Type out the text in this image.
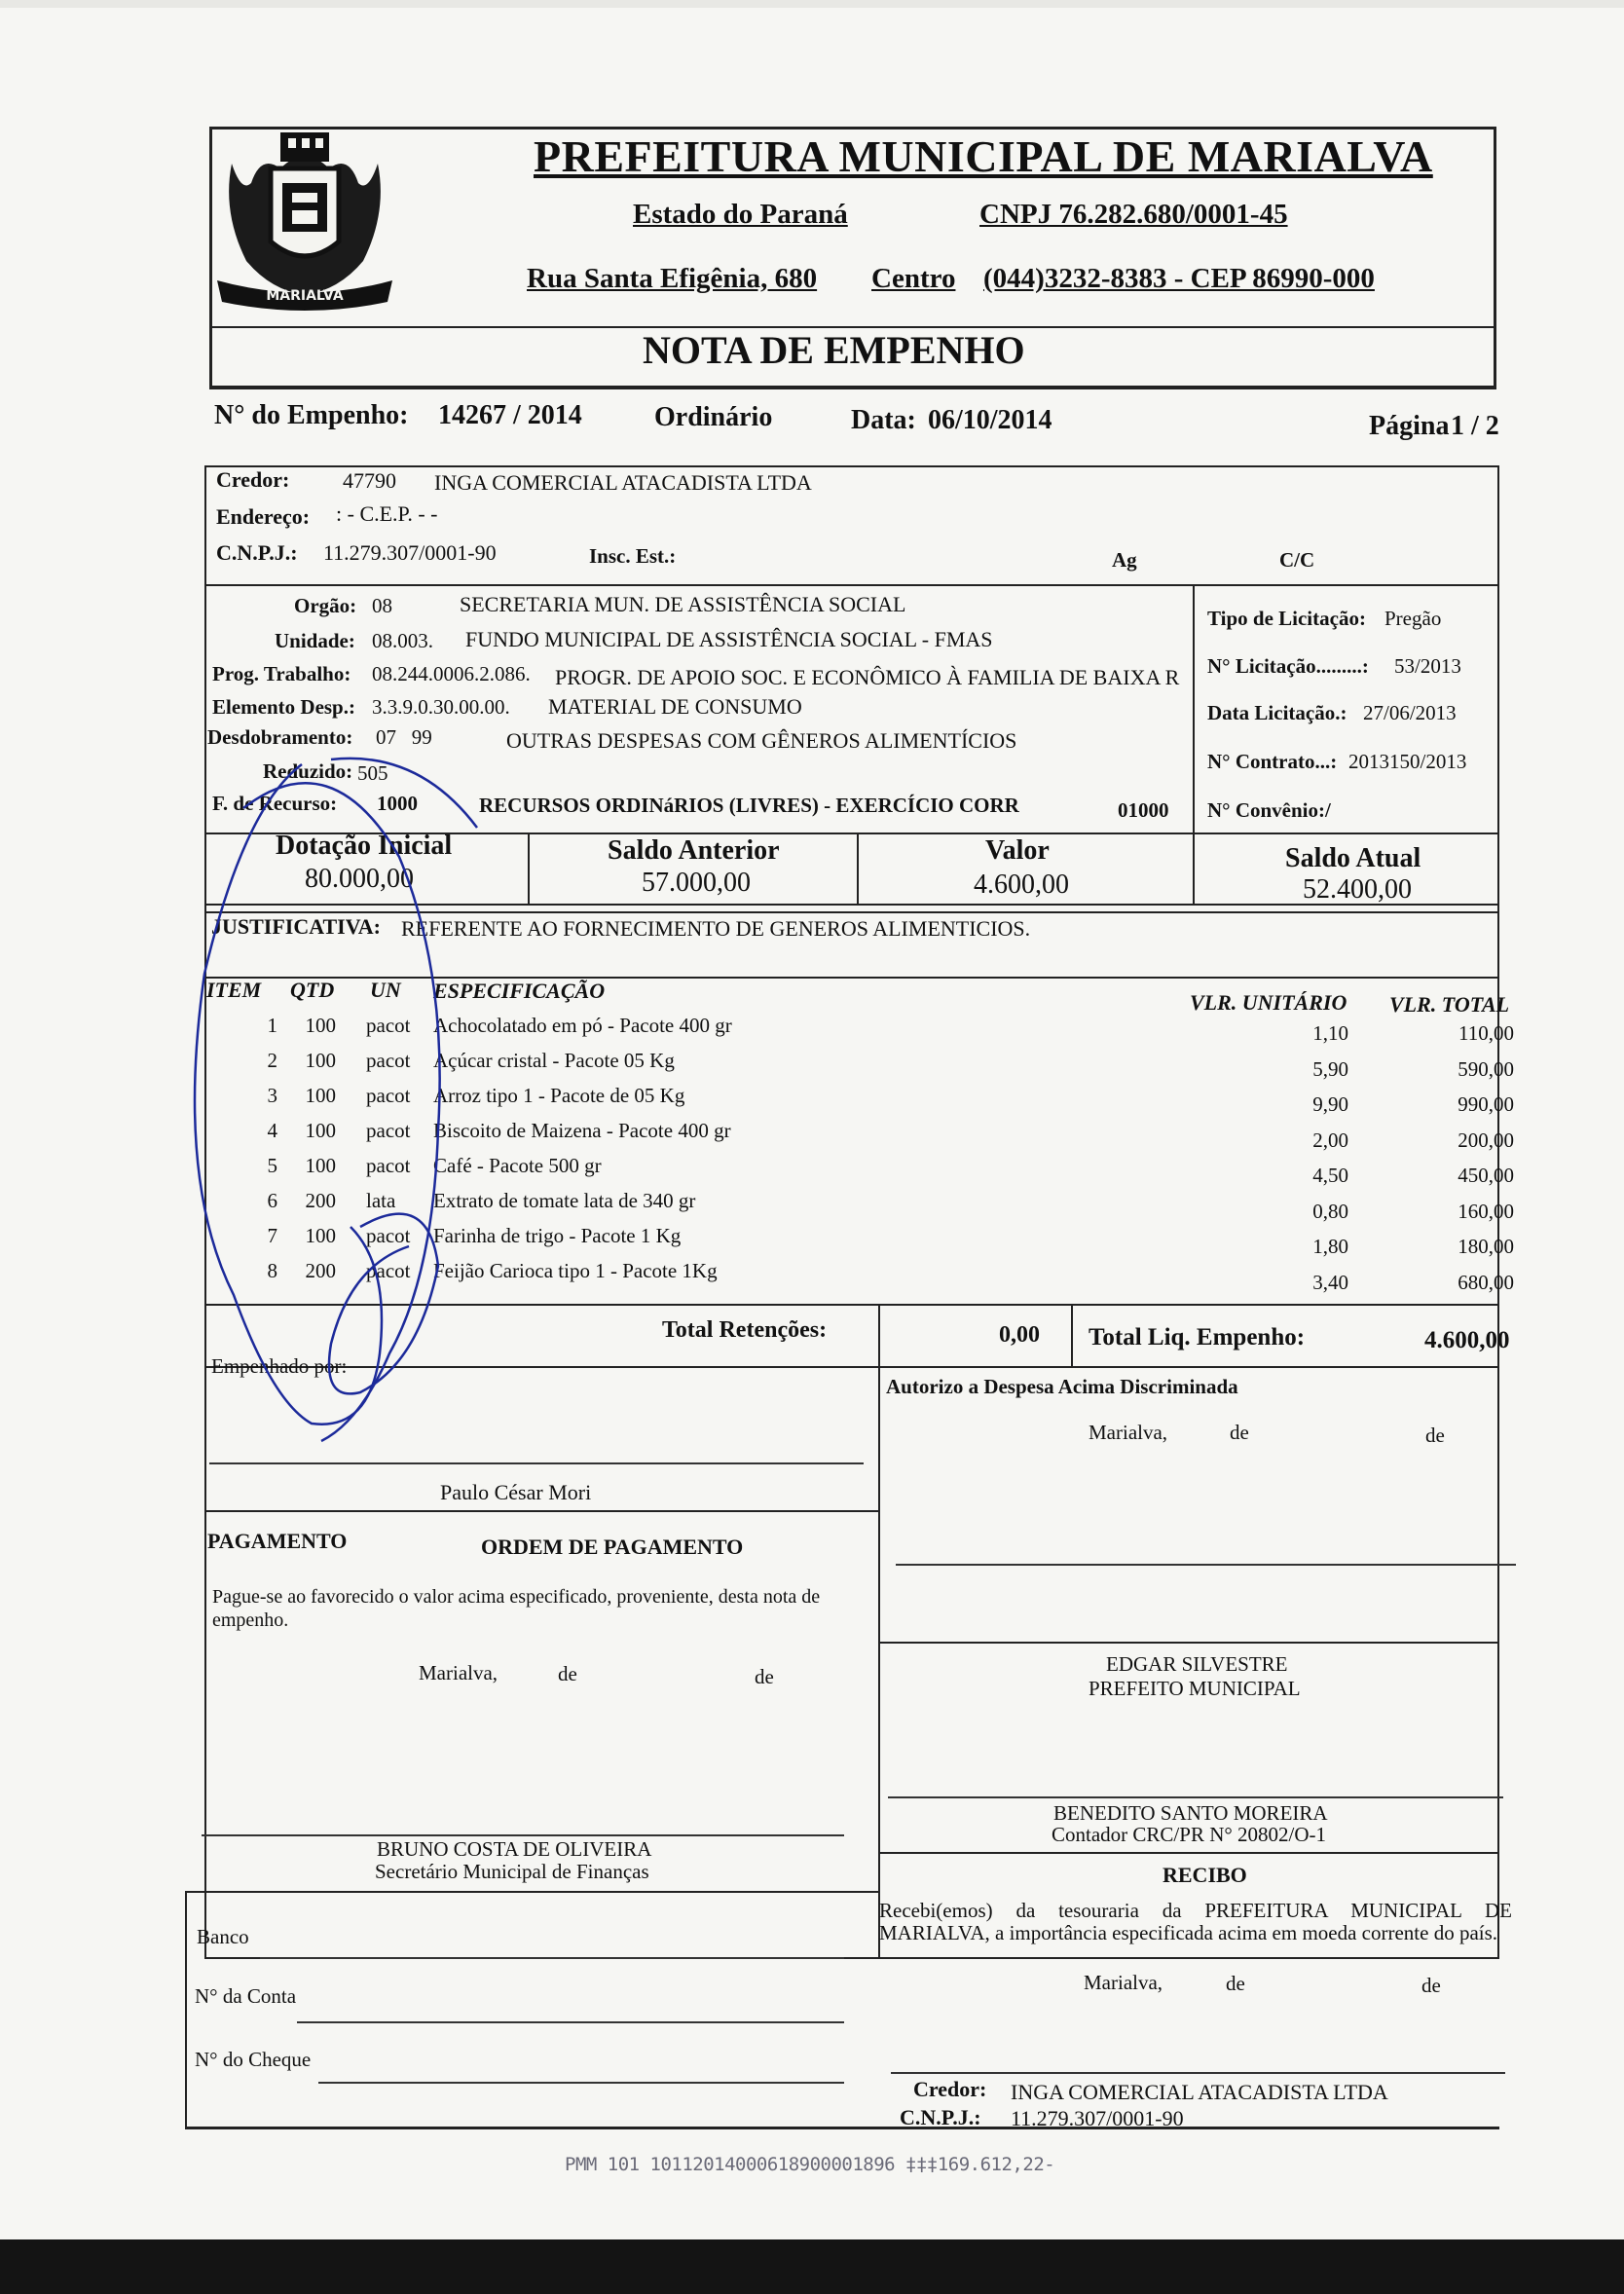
MARIALVA
PREFEITURA MUNICIPAL DE MARIALVA
Estado do Paraná	CNPJ 76.282.680/0001-45
Rua Santa Efigênia, 680 Centro (044)3232-8383 - CEP 86990-000
NOTA DE EMPENHO
N° do Empenho: 14267 / 2014	Ordinário	Data: 06/10/2014	Página 1 / 2
Credor: 47790 INGA COMERCIAL ATACADISTA LTDA
Endereço: : - C.E.P. - -
C.N.P.J.: 11.279.307/0001-90	Insc. Est.:	Ag	C/C
Orgão: 08	SECRETARIA MUN. DE ASSISTÊNCIA SOCIAL
Unidade: 08.003. FUNDO MUNICIPAL DE ASSISTÊNCIA SOCIAL - FMAS
Prog. Trabalho: 08.244.0006.2.086. PROGR. DE APOIO SOC. E ECONÔMICO À FAMILIA DE BAIXA R
Elemento Desp.: 3.3.9.0.30.00.00. MATERIAL DE CONSUMO
Desdobramento: 07   99	OUTRAS DESPESAS COM GÊNEROS ALIMENTÍCIOS
Reduzido: 505
F. de Recurso: 1000	RECURSOS ORDINáRIOS (LIVRES) - EXERCÍCIO CORR	01000
Tipo de Licitação: Pregão
N° Licitação.........: 53/2013
Data Licitação.: 27/06/2013
N° Contrato...: 2013150/2013
N° Convênio:/
Dotação Inicial
80.000,00
Saldo Anterior
57.000,00
Valor
4.600,00
Saldo Atual
52.400,00
JUSTIFICATIVA: REFERENTE AO FORNECIMENTO DE GENEROS ALIMENTICIOS.
ITEM QTD UN ESPECIFICAÇÃO	VLR. UNITÁRIO VLR. TOTAL
1	100 pacot	Achocolatado em pó - Pacote 400 gr	1,10	110,00
2	100 pacot	Açúcar cristal - Pacote 05 Kg	5,90	590,00
3	100 pacot	Arroz tipo 1 - Pacote de 05 Kg	9,90	990,00
4	100 pacot	Biscoito de Maizena - Pacote 400 gr	2,00	200,00
5	100 pacot	Café - Pacote 500 gr	4,50	450,00
6	200 lata	Extrato de tomate lata de 340 gr	0,80	160,00
7	100 pacot	Farinha de trigo - Pacote 1 Kg	1,80	180,00
8	200 pacot	Feijão Carioca tipo 1 - Pacote 1Kg	3,40	680,00
Total Retenções:	0,00 Total Liq. Empenho:	4.600,00
Empenhado por:
Paulo César Mori
Autorizo a Despesa Acima Discriminada
Marialva,	de	de
PAGAMENTO	ORDEM DE PAGAMENTO
Pague-se ao favorecido o valor acima especificado, proveniente, desta nota de empenho.
Marialva,	de	de
EDGAR SILVESTRE
PREFEITO MUNICIPAL
BENEDITO SANTO MOREIRA
Contador CRC/PR N° 20802/O-1
BRUNO COSTA DE OLIVEIRA
Secretário Municipal de Finanças	RECIBO
Recebi(emos) da tesouraria da PREFEITURA MUNICIPAL DE MARIALVA, a importância especificada acima em moeda corrente do país.
Marialva,	de	de
Banco
N° da Conta
N° do Cheque
Credor: INGA COMERCIAL ATACADISTA LTDA
C.N.P.J.: 11.279.307/0001-90
PMM 101 10112014000618900001896 ‡‡‡169.612,22-
